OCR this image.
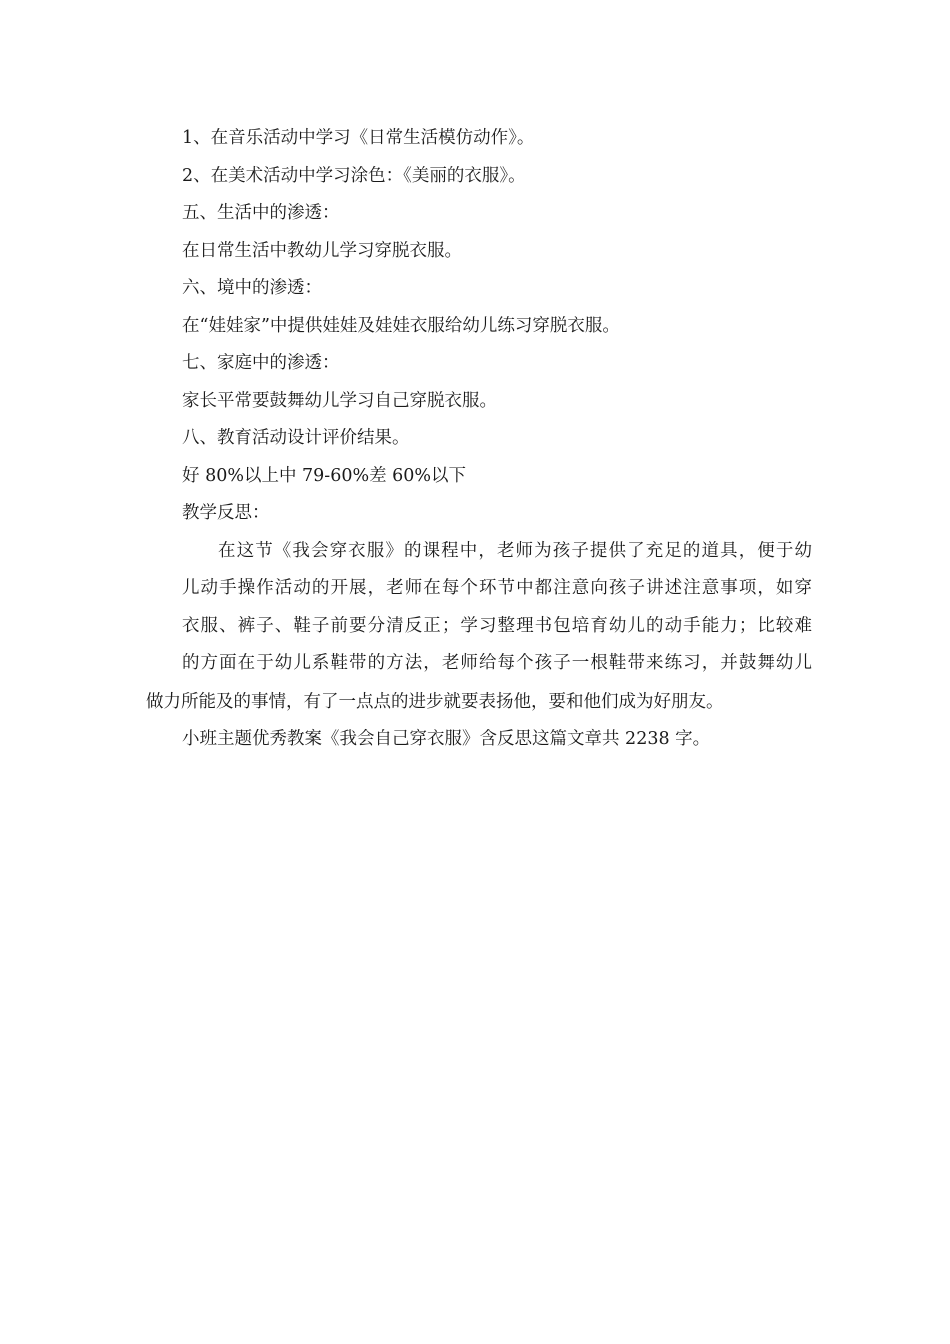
1、在音乐活动中学习《日常生活模仿动作》。
2、在美术活动中学习涂色：《美丽的衣服》。
五、生活中的渗透：
在日常生活中教幼儿学习穿脱衣服。
六、境中的渗透：
在“娃娃家”中提供娃娃及娃娃衣服给幼儿练习穿脱衣服。
七、家庭中的渗透：
家长平常要鼓舞幼儿学习自己穿脱衣服。
八、教育活动设计评价结果。
好 80%以上中 79-60%差 60%以下
教学反思：
在这节《我会穿衣服》的课程中，老师为孩子提供了充足的道具，便于幼
儿动手操作活动的开展，老师在每个环节中都注意向孩子讲述注意事项，如穿
衣服、裤子、鞋子前要分清反正；学习整理书包培育幼儿的动手能力；比较难
的方面在于幼儿系鞋带的方法，老师给每个孩子一根鞋带来练习，并鼓舞幼儿
做力所能及的事情，有了一点点的进步就要表扬他，要和他们成为好朋友。
小班主题优秀教案《我会自己穿衣服》含反思这篇文章共 2238 字。
